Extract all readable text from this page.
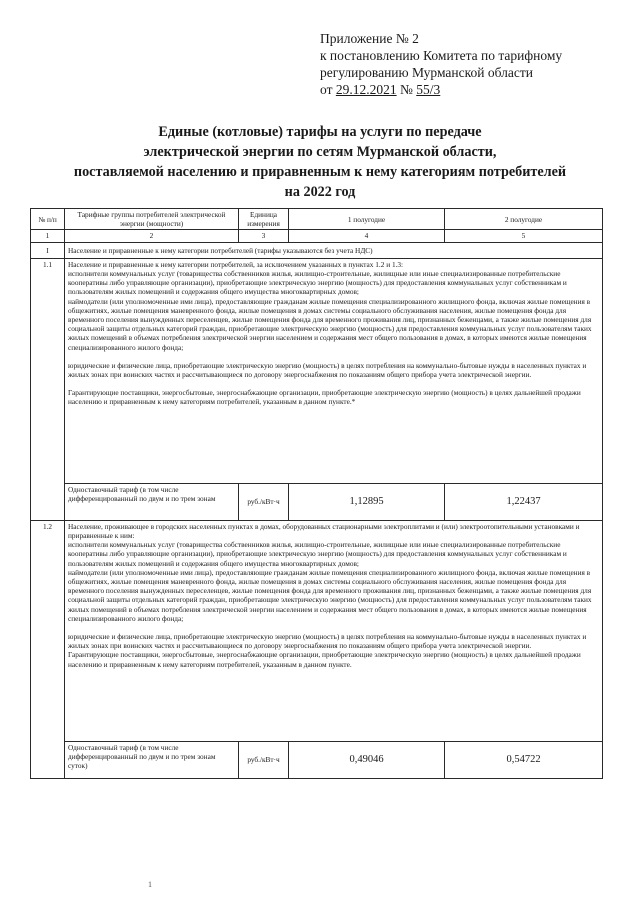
Приложение № 2
к постановлению Комитета по тарифному
регулированию Мурманской области
от 29.12.2021 № 55/3
Единые (котловые) тарифы на услуги по передаче
электрической энергии по сетям Мурманской области,
поставляемой населению и приравненным к нему категориям потребителей
на 2022 год
№ п/п	Тарифные группы потребителей электрической энергии (мощности)	Единица измерения	1 полугодие	2 полугодие
1	2	3	4	5
I	Население и приравненные к нему категории потребителей (тарифы указываются без учета НДС)			
1.1	Население и приравненные к нему категории потребителей, за исключением указанных в пунктах 1.2 и 1.3:

исполнители коммунальных услуг (товарищества собственников жилья, жилищно-строительные, жилищные или иные специализированные потребительские кооперативы либо управляющие организации), приобретающие электрическую энергию (мощность) для предоставления коммунальных услуг собственникам и пользователям жилых помещений и содержания общего имущества многоквартирных домов;

наймодатели (или уполномоченные ими лица), предоставляющие гражданам жилые помещения специализированного жилищного фонда, включая жилые помещения в общежитиях, жилые помещения маневренного фонда, жилые помещения в домах системы социального обслуживания населения, жилые помещения фонда для временного поселения вынужденных переселенцев, жилые помещения фонда для временного проживания лиц, признанных беженцами, а также жилые помещения для социальной защиты отдельных категорий граждан, приобретающие электрическую энергию (мощность) для предоставления коммунальных услуг пользователям таких жилых помещений в объемах потребления электрической энергии населением и содержания мест общего пользования в домах, в которых имеются жилые помещения специализированного жилого фонда;

юридические и физические лица, приобретающие электрическую энергию (мощность) в целях потребления на коммунально-бытовые нужды в населенных пунктах и жилых зонах при воинских частях и рассчитывающиеся по договору энергоснабжения по показаниям общего прибора учета электрической энергии.

Гарантирующие поставщики, энергосбытовые, энергоснабжающие организации, приобретающие электрическую энергию (мощность) в целях дальнейшей продажи населению и приравненным к нему категориям потребителей, указанным в данном пункте.*			

	Одноставочный тариф (в том числе дифференцированный по двум и по трем зонам	руб./кВт·ч	1,12895	1,22437
1.2	Население, проживающее в городских населенных пунктах в домах, оборудованных стационарными электроплитами и (или) электроотопительными установками и приравненные к ним:

исполнители коммунальных услуг (товарищества собственников жилья, жилищно-строительные, жилищные или иные специализированные потребительские кооперативы либо управляющие организации), приобретающие электрическую энергию (мощность) для предоставления коммунальных услуг собственникам и пользователям жилых помещений и содержания общего имущества многоквартирных домов;

наймодатели (или уполномоченные ими лица), предоставляющие гражданам жилые помещения специализированного жилищного фонда, включая жилые помещения в общежитиях, жилые помещения маневренного фонда, жилые помещения в домах системы социального обслуживания населения, жилые помещения фонда для временного поселения вынужденных переселенцев, жилые помещения фонда для временного проживания лиц, признанных беженцами, а также жилые помещения для социальной защиты отдельных категорий граждан, приобретающие электрическую энергию (мощность) для предоставления коммунальных услуг пользователям таких жилых помещений в объемах потребления электрической энергии населением и содержания мест общего пользования в домах, в которых имеются жилые помещения специализированного жилого фонда;

юридические и физические лица, приобретающие электрическую энергию (мощность) в целях потребления на коммунально-бытовые нужды в населенных пунктах и жилых зонах при воинских частях и рассчитывающиеся по договору энергоснабжения по показаниям общего прибора учета электрической энергии.

Гарантирующие поставщики, энергосбытовые, энергоснабжающие организации, приобретающие электрическую энергию (мощность) в целях дальнейшей продажи населению и приравненным к нему категориям потребителей, указанным в данном пункте.			

	Одноставочный тариф (в том числе дифференцированный по двум и по трем зонам суток)	руб./кВт·ч	0,49046	0,54722
1
